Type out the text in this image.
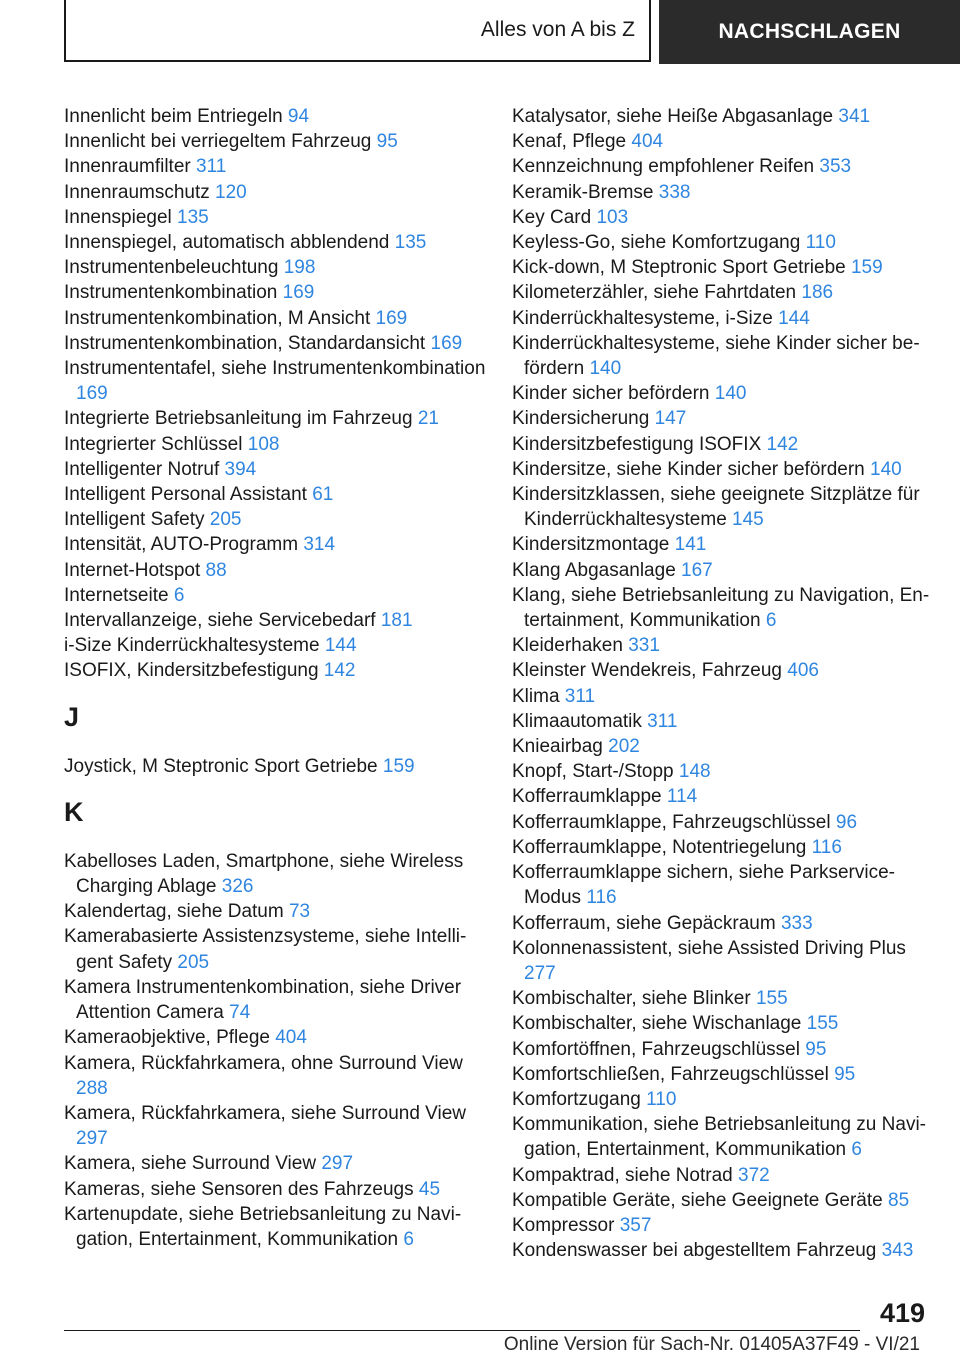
Alles von A bis Z	NACHSCHLAGEN
Innenlicht beim Entriegeln 94
Innenlicht bei verriegeltem Fahrzeug 95
Innenraumfilter 311
Innenraumschutz 120
Innenspiegel 135
Innenspiegel, automatisch abblendend 135
Instrumentenbeleuchtung 198
Instrumentenkombination 169
Instrumentenkombination, M Ansicht 169
Instrumentenkombination, Standardansicht 169
Instrumententafel, siehe Instrumentenkombination 169
Integrierte Betriebsanleitung im Fahrzeug 21
Integrierter Schlüssel 108
Intelligenter Notruf 394
Intelligent Personal Assistant 61
Intelligent Safety 205
Intensität, AUTO-Programm 314
Internet-Hotspot 88
Internetseite 6
Intervallanzeige, siehe Servicebedarf 181
i-Size Kinderrückhaltesysteme 144
ISOFIX, Kindersitzbefestigung 142
J
Joystick, M Steptronic Sport Getriebe 159
K
Kabelloses Laden, Smartphone, siehe Wireless Charging Ablage 326
Kalendertag, siehe Datum 73
Kamerabasierte Assistenzsysteme, siehe Intelligent Safety 205
Kamera Instrumentenkombination, siehe Driver Attention Camera 74
Kameraobjektive, Pflege 404
Kamera, Rückfahrkamera, ohne Surround View 288
Kamera, Rückfahrkamera, siehe Surround View 297
Kamera, siehe Surround View 297
Kameras, siehe Sensoren des Fahrzeugs 45
Kartenupdate, siehe Betriebsanleitung zu Navigation, Entertainment, Kommunikation 6
Katalysator, siehe Heiße Abgasanlage 341
Kenaf, Pflege 404
Kennzeichnung empfohlener Reifen 353
Keramik-Bremse 338
Key Card 103
Keyless-Go, siehe Komfortzugang 110
Kick-down, M Steptronic Sport Getriebe 159
Kilometerzähler, siehe Fahrtdaten 186
Kinderrückhaltesysteme, i-Size 144
Kinderrückhaltesysteme, siehe Kinder sicher befördern 140
Kinder sicher befördern 140
Kindersicherung 147
Kindersitzbefestigung ISOFIX 142
Kindersitze, siehe Kinder sicher befördern 140
Kindersitzklassen, siehe geeignete Sitzplätze für Kinderrückhaltesysteme 145
Kindersitzmontage 141
Klang Abgasanlage 167
Klang, siehe Betriebsanleitung zu Navigation, Entertainment, Kommunikation 6
Kleiderhaken 331
Kleinster Wendekreis, Fahrzeug 406
Klima 311
Klimaautomatik 311
Knieairbag 202
Knopf, Start-/Stopp 148
Kofferraumklappe 114
Kofferraumklappe, Fahrzeugschlüssel 96
Kofferraumklappe, Notentriegelung 116
Kofferraumklappe sichern, siehe Parkservice-Modus 116
Kofferraum, siehe Gepäckraum 333
Kolonnenassistent, siehe Assisted Driving Plus 277
Kombischalter, siehe Blinker 155
Kombischalter, siehe Wischanlage 155
Komfortöffnen, Fahrzeugschlüssel 95
Komfortschließen, Fahrzeugschlüssel 95
Komfortzugang 110
Kommunikation, siehe Betriebsanleitung zu Navigation, Entertainment, Kommunikation 6
Kompaktrad, siehe Notrad 372
Kompatible Geräte, siehe Geeignete Geräte 85
Kompressor 357
Kondenswasser bei abgestelltem Fahrzeug 343
419
Online Version für Sach-Nr. 01405A37F49 - VI/21
